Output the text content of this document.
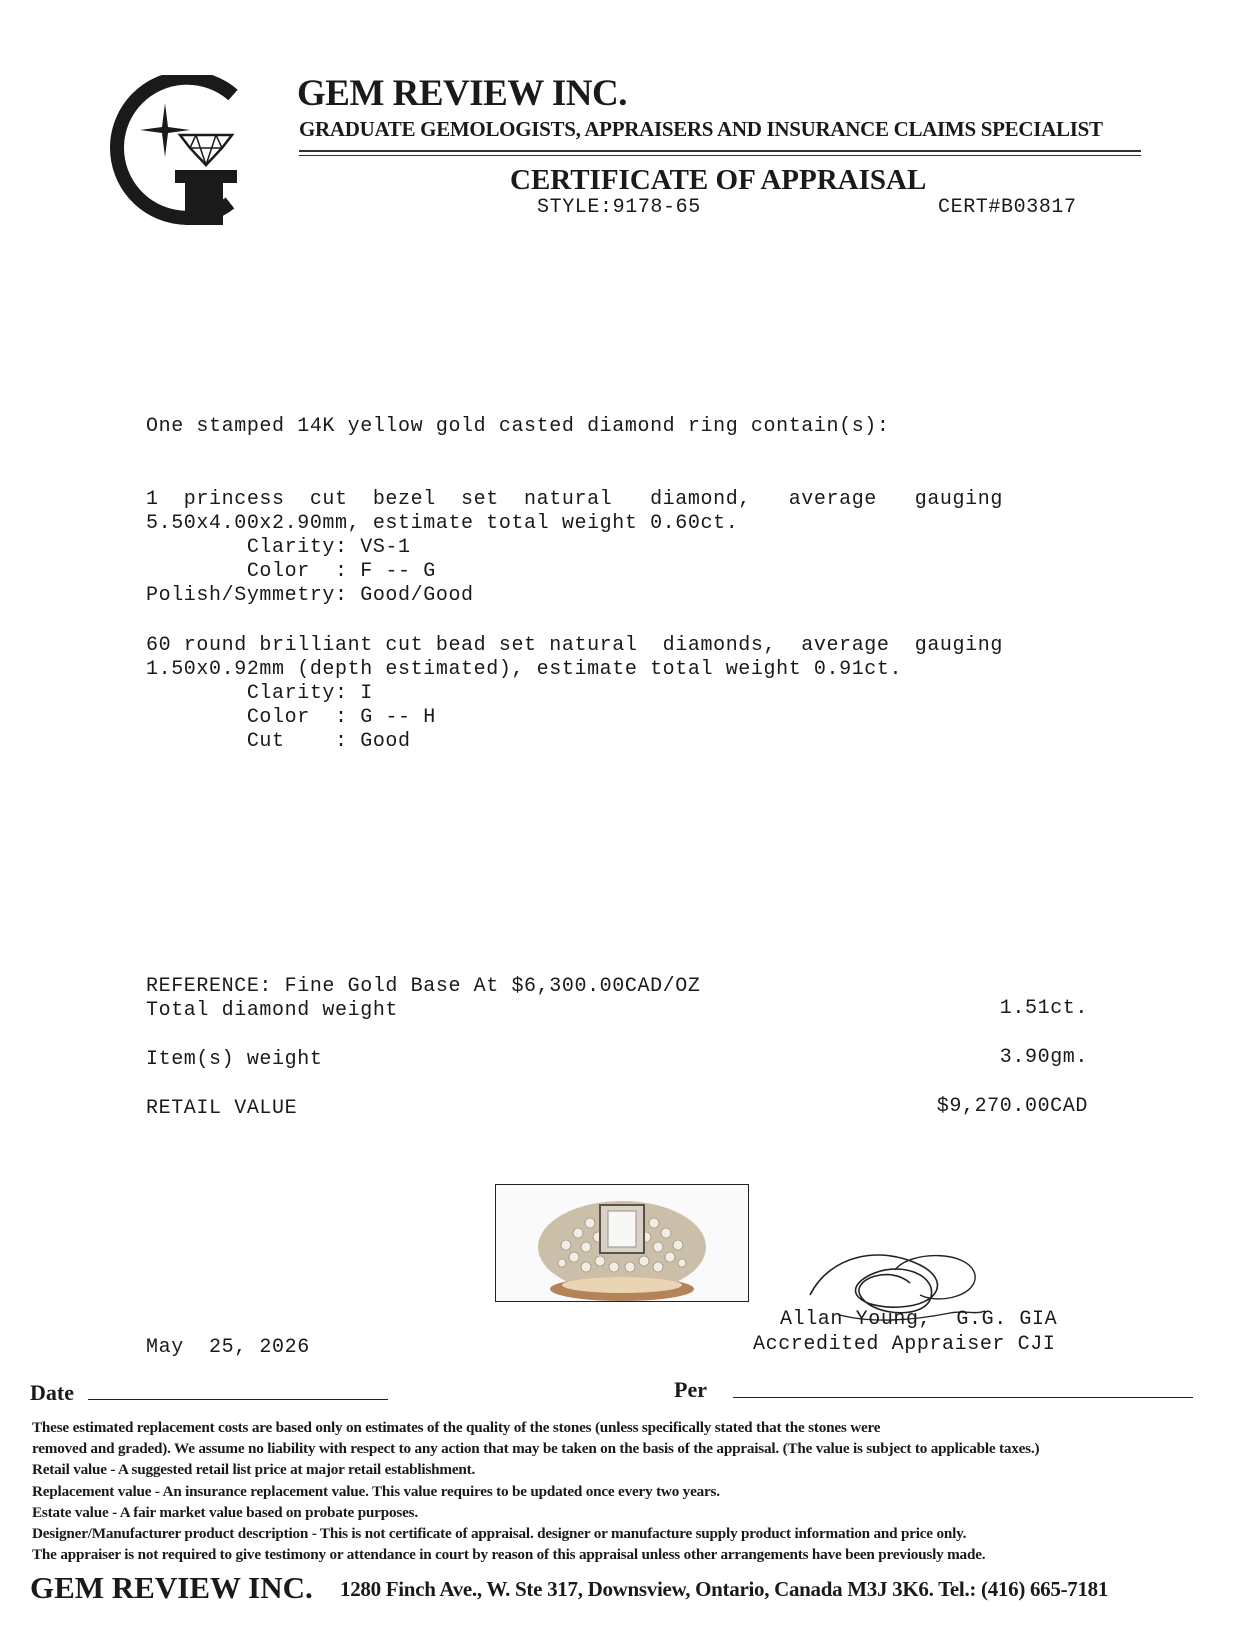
GEM REVIEW INC.
GRADUATE GEMOLOGISTS, APPRAISERS AND INSURANCE CLAIMS SPECIALIST
CERTIFICATE OF APPRAISAL
STYLE:9178-65	CERT#B03817
One stamped 14K yellow gold casted diamond ring contain(s):
1  princess  cut  bezel  set  natural   diamond,   average   gauging
5.50x4.00x2.90mm, estimate total weight 0.60ct.
Clarity: VS-1
Color  : F -- G
Polish/Symmetry: Good/Good
60 round brilliant cut bead set natural  diamonds,  average  gauging
1.50x0.92mm (depth estimated), estimate total weight 0.91ct.
Clarity: I
Color  : G -- H
Cut    : Good
REFERENCE: Fine Gold Base At $6,300.00CAD/OZ
Total diamond weight	1.51ct.
Item(s) weight	3.90gm.
RETAIL VALUE	$9,270.00CAD
Allan Young,  G.G. GIA
Accredited Appraiser CJI
May  25, 2026
Date	Per
These estimated replacement costs are based only on estimates of the quality of the stones (unless specifically stated that the stones were
removed and graded). We assume no liability with respect to any action that may be taken on the basis of the appraisal. (The value is subject to applicable taxes.)
Retail value - A suggested retail list price at major retail establishment.
Replacement value - An insurance replacement value. This value requires to be updated once every two years.
Estate value - A fair market value based on probate purposes.
Designer/Manufacturer product description - This is not certificate of appraisal. designer or manufacture supply product information and price only.
The appraiser is not required to give testimony or attendance in court by reason of this appraisal unless other arrangements have been previously made.
GEM REVIEW INC. 1280 Finch Ave., W. Ste 317, Downsview, Ontario, Canada M3J 3K6. Tel.: (416) 665-7181
